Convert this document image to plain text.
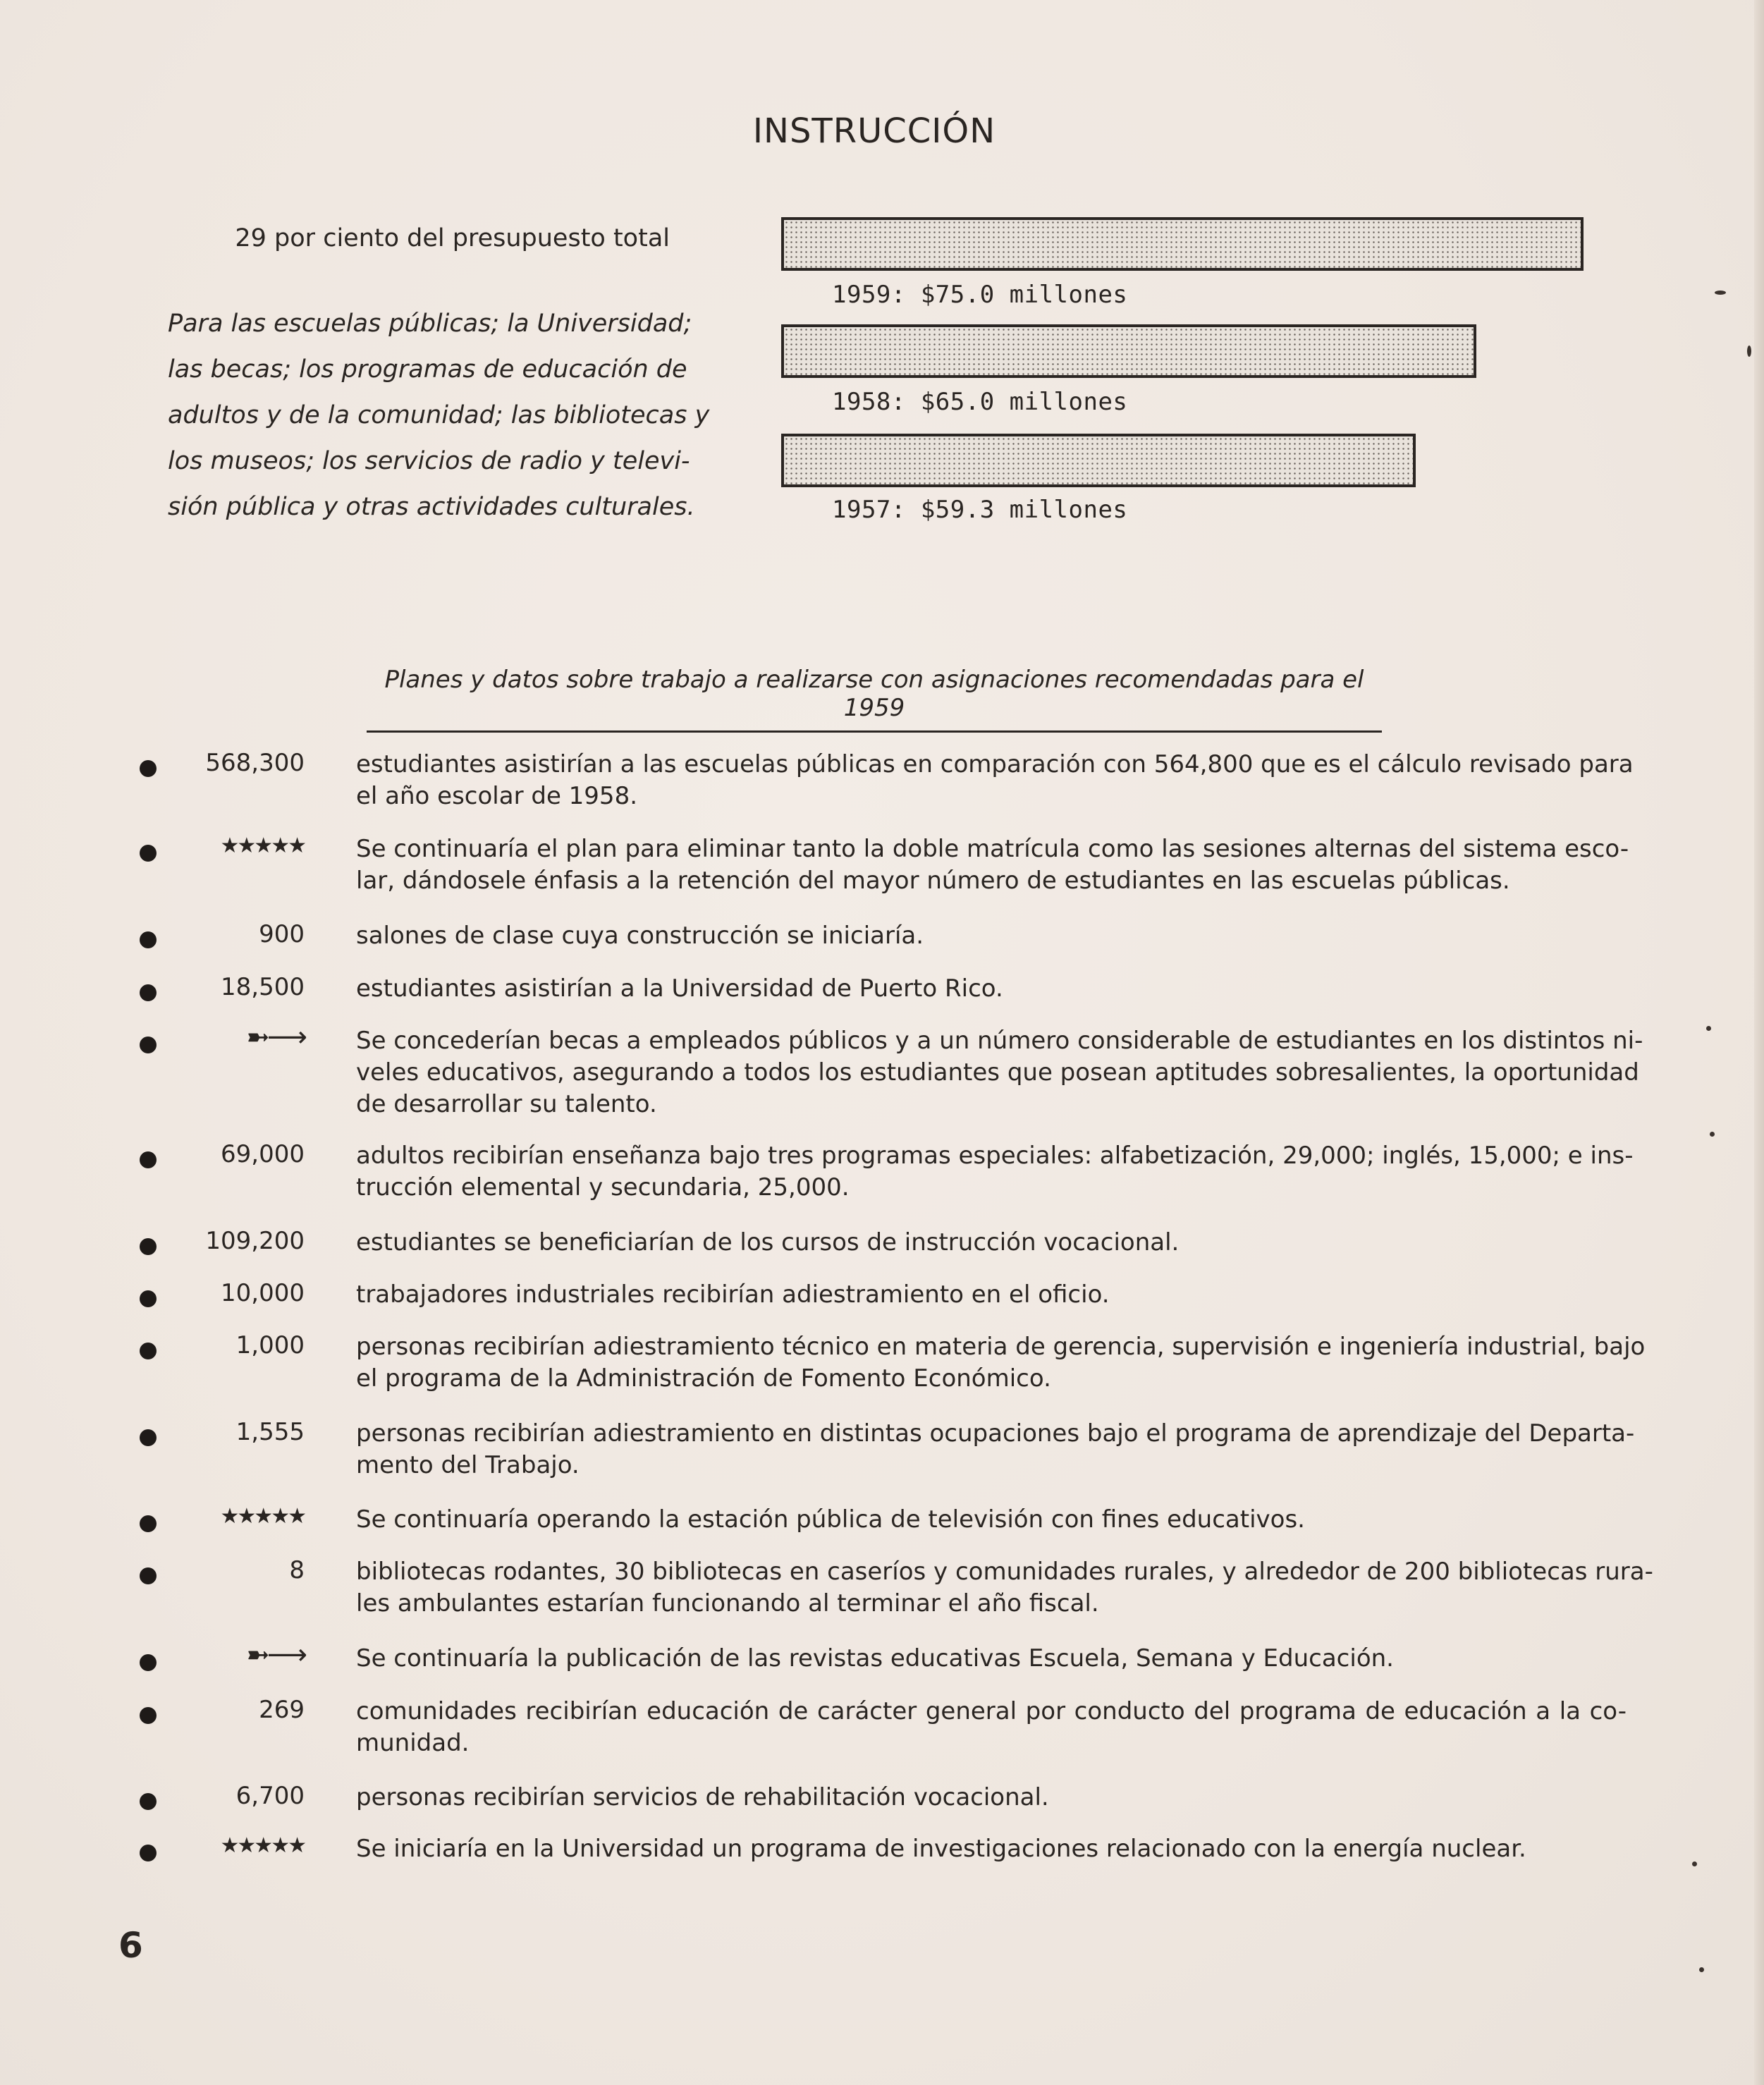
INSTRUCCIÓN
29 por ciento del presupuesto total
Para las escuelas públicas; la Universidad;
las becas; los programas de educación de
adultos y de la comunidad; las bibliotecas y
los museos; los servicios de radio y televi-
sión pública y otras actividades culturales.
1959: $75.0 millones
1958: $65.0 millones
1957: $59.3 millones
Planes y datos sobre trabajo a realizarse con asignaciones recomendadas para el 1959
568,300 estudiantes asistirían a las escuelas públicas en comparación con 564,800 que es el cálculo revisado para
el año escolar de 1958.
★★★★★ Se continuaría el plan para eliminar tanto la doble matrícula como las sesiones alternas del sistema esco-
lar, dándosele énfasis a la retención del mayor número de estudiantes en las escuelas públicas.
900 salones de clase cuya construcción se iniciaría.
18,500 estudiantes asistirían a la Universidad de Puerto Rico.
➼⟶ Se concederían becas a empleados públicos y a un número considerable de estudiantes en los distintos ni-
veles educativos, asegurando a todos los estudiantes que posean aptitudes sobresalientes, la oportunidad
de desarrollar su talento.
69,000 adultos recibirían enseñanza bajo tres programas especiales: alfabetización, 29,000; inglés, 15,000; e ins-
trucción elemental y secundaria, 25,000.
109,200 estudiantes se beneficiarían de los cursos de instrucción vocacional.
10,000 trabajadores industriales recibirían adiestramiento en el oficio.
1,000 personas recibirían adiestramiento técnico en materia de gerencia, supervisión e ingeniería industrial, bajo
el programa de la Administración de Fomento Económico.
1,555 personas recibirían adiestramiento en distintas ocupaciones bajo el programa de aprendizaje del Departa-
mento del Trabajo.
★★★★★ Se continuaría operando la estación pública de televisión con fines educativos.
8 bibliotecas rodantes, 30 bibliotecas en caseríos y comunidades rurales, y alrededor de 200 bibliotecas rura-
les ambulantes estarían funcionando al terminar el año fiscal.
➼⟶ Se continuaría la publicación de las revistas educativas Escuela, Semana y Educación.
269 comunidades recibirían educación de carácter general por conducto del programa de educación a la co-
munidad.
6,700 personas recibirían servicios de rehabilitación vocacional.
★★★★★ Se iniciaría en la Universidad un programa de investigaciones relacionado con la energía nuclear.
6
